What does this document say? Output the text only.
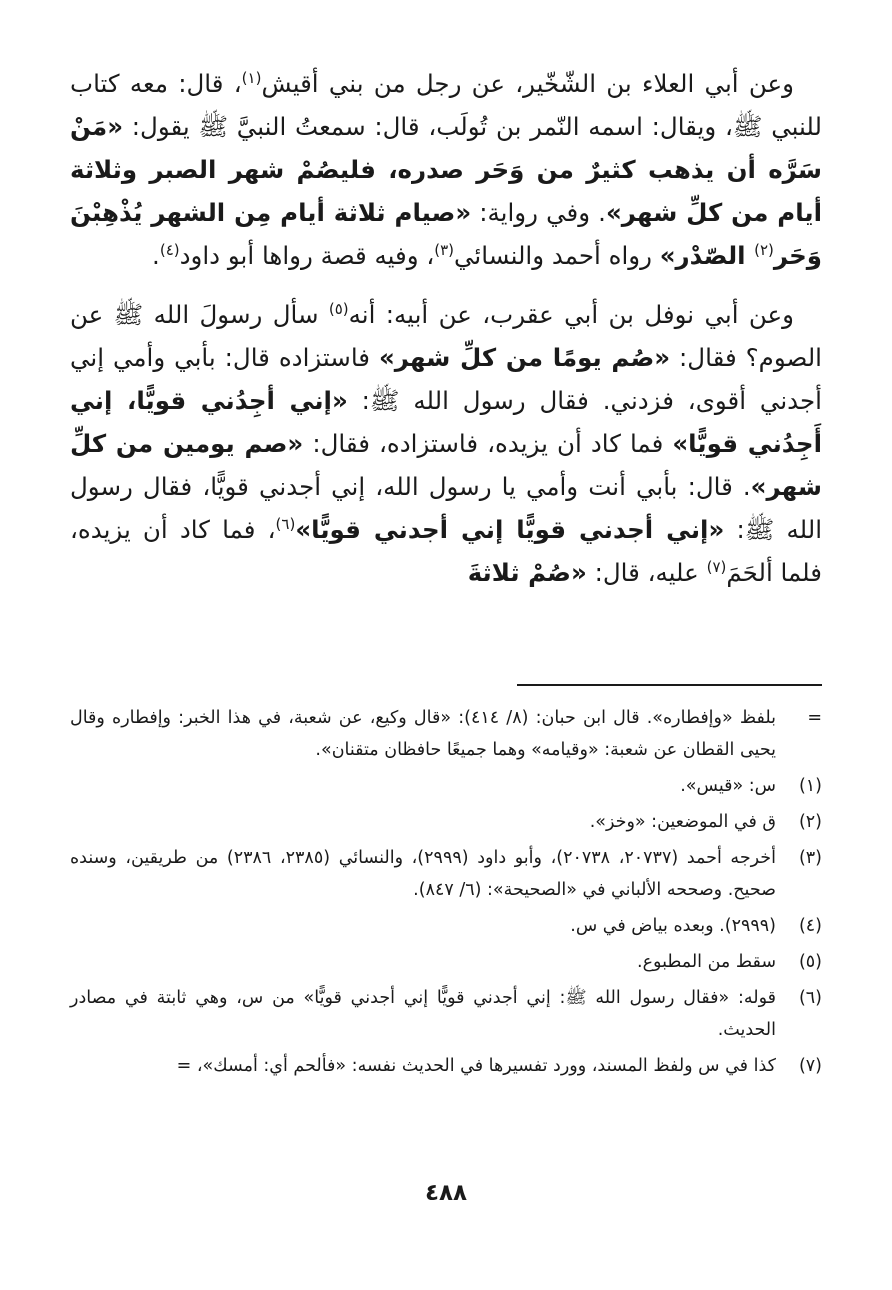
وعن أبي العلاء بن الشّخّير، عن رجل من بني أقيش$^{(١)}$، قال: معه كتاب للنبي ﷺ، ويقال: اسمه النّمر بن تُولَب، قال: سمعتُ النبيَّ ﷺ يقول: «مَنْ سَرَّه أن يذهب كثيرٌ من وَحَر صدره، فليصُمْ شهر الصبر وثلاثة أيام من كلِّ شهر». وفي رواية: «صيام ثلاثة أيام مِن الشهر يُذْهِبْنَ وَحَر$^{(٢)}$ الصّدْر» رواه أحمد والنسائي$^{(٣)}$، وفيه قصة رواها أبو داود$^{(٤)}$.

وعن أبي نوفل بن أبي عقرب، عن أبيه: أنه$^{(٥)}$ سأل رسولَ الله ﷺ عن الصوم؟ فقال: «صُم يومًا من كلِّ شهر» فاستزاده قال: بأبي وأمي إني أجدني أقوى، فزدني. فقال رسول الله ﷺ: «إني أجِدُني قويًّا، إني أَجِدُني قويًّا» فما كاد أن يزيده، فاستزاده، فقال: «صم يومين من كلِّ شهر». قال: بأبي أنت وأمي يا رسول الله، إني أجدني قويًّا، فقال رسول الله ﷺ: «إني أجدني قويًّا إني أجدني قويًّا»$^{(٦)}$، فما كاد أن يزيده، فلما ألحَمَ$^{(٧)}$ عليه، قال: «صُمْ ثلاثةَ

=
بلفظ «وإفطاره». قال ابن حبان: (٨/ ٤١٤): «قال وكيع، عن شعبة، في هذا الخبر: وإفطاره وقال يحيى القطان عن شعبة: «وقيامه» وهما جميعًا حافظان متقنان».
(١)
س: «قيس».
(٢)
ق في الموضعين: «وخز».
(٣)
أخرجه أحمد (٢٠٧٣٧، ٢٠٧٣٨)، وأبو داود (٢٩٩٩)، والنسائي (٢٣٨٥، ٢٣٨٦) من طريقين، وسنده صحيح. وصححه الألباني في «الصحيحة»: (٦/ ٨٤٧).
(٤)
(٢٩٩٩). وبعده بياض في س.
(٥)
سقط من المطبوع.
(٦)
قوله: «فقال رسول الله ﷺ: إني أجدني قويًّا إني أجدني قويًّا» من س، وهي ثابتة في مصادر الحديث.
(٧)
كذا في س ولفظ المسند، وورد تفسيرها في الحديث نفسه: «فألحم أي: أمسك»، =
٤٨٨
